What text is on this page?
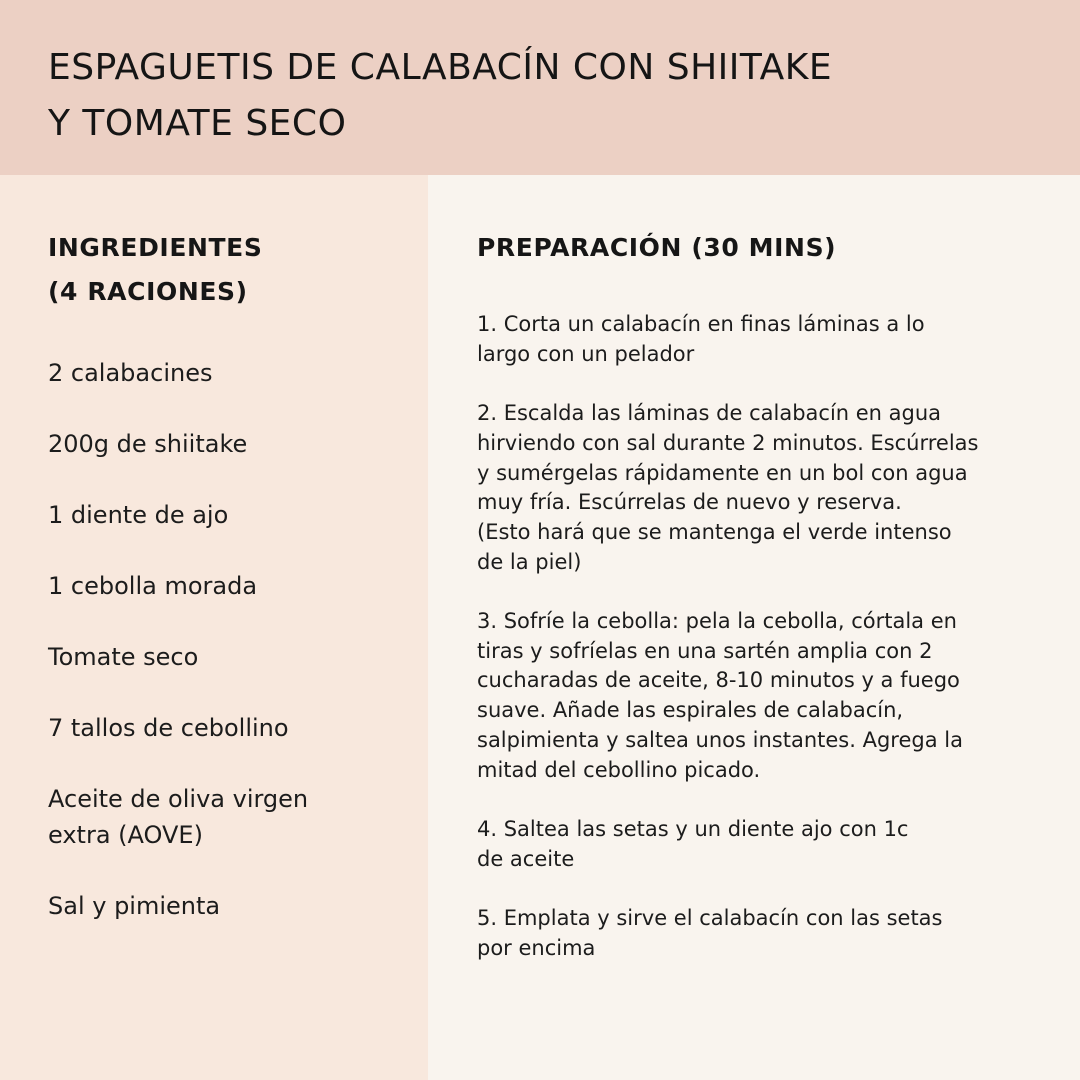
ESPAGUETIS DE CALABACÍN CON SHIITAKE
Y TOMATE SECO
INGREDIENTES
(4 RACIONES)
2 calabacines
200g de shiitake
1 diente de ajo
1 cebolla morada
Tomate seco
7 tallos de cebollino
Aceite de oliva virgen
extra (AOVE)
Sal y pimienta
PREPARACIÓN (30 MINS)
1. Corta un calabacín en finas láminas a lo
largo con un pelador
2. Escalda las láminas de calabacín en agua
hirviendo con sal durante 2 minutos. Escúrrelas
y sumérgelas rápidamente en un bol con agua
muy fría. Escúrrelas de nuevo y reserva.
(Esto hará que se mantenga el verde intenso
de la piel)
3. Sofríe la cebolla: pela la cebolla, córtala en
tiras y sofríelas en una sartén amplia con 2
cucharadas de aceite, 8-10 minutos y a fuego
suave. Añade las espirales de calabacín,
salpimienta y saltea unos instantes. Agrega la
mitad del cebollino picado.
4. Saltea las setas y un diente ajo con 1c
de aceite
5. Emplata y sirve el calabacín con las setas
por encima
